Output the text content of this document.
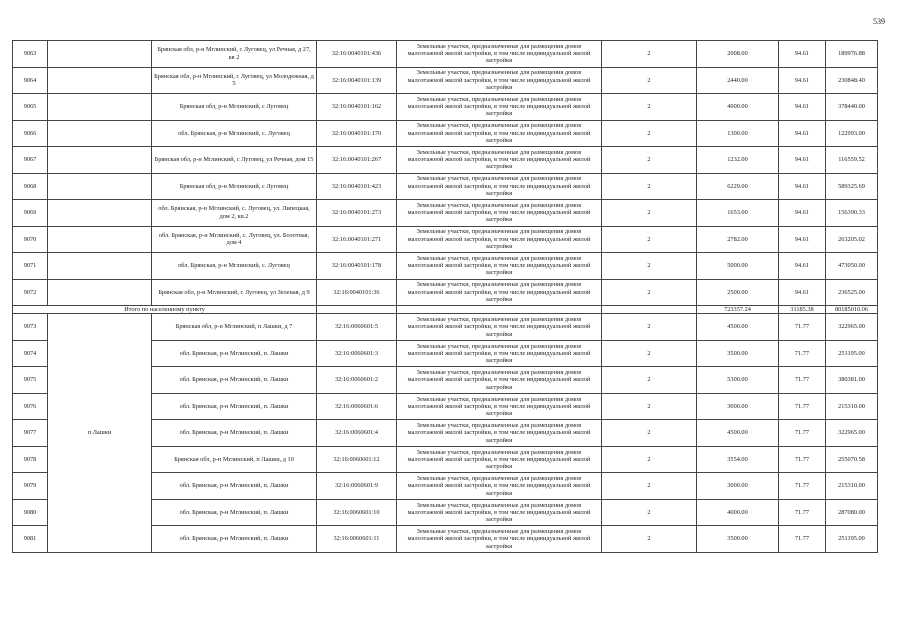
539
9063		Брянская обл, р-н Мглинский, с Луговец, ул Речная, д 27, кв 2	32:16:0040101:436	Земельные участки, предназначенные для размещения домов малоэтажной жилой застройки, в том числе индивидуальной жилой застройки	2	2008.00	94.61	189976.88
9064		Брянская обл, р-н Мглинский, с Луговец, ул Молодежная, д 5	32:16:0040101:139	Земельные участки, предназначенные для размещения домов малоэтажной жилой застройки, в том числе индивидуальной жилой застройки	2	2440.00	94.61	230848.40
9065		Брянская обл, р-н Мглинский, с Луговец	32:16:0040101:162	Земельные участки, предназначенные для размещения домов малоэтажной жилой застройки, в том числе индивидуальной жилой застройки	2	4000.00	94.61	378440.00
9066		обл. Брянская, р-н Мглинский, с. Луговец	32:16:0040101:170	Земельные участки, предназначенные для размещения домов малоэтажной жилой застройки, в том числе индивидуальной жилой застройки	2	1300.00	94.61	122993.00
9067		Брянская обл, р-н Мглинский, с Луговец, ул Речная, дом 15	32:16:0040101:267	Земельные участки, предназначенные для размещения домов малоэтажной жилой застройки, в том числе индивидуальной жилой застройки	2	1232.00	94.61	116559.52
9068		Брянская обл, р-н Мглинский, с Луговец	32:16:0040101:423	Земельные участки, предназначенные для размещения домов малоэтажной жилой застройки, в том числе индивидуальной жилой застройки	2	6229.00	94.61	589325.69
9069		обл. Брянская, р-н Мглинский, с. Луговец, ул. Липецкая, дом 2, кв.2	32:16:0040101:273	Земельные участки, предназначенные для размещения домов малоэтажной жилой застройки, в том числе индивидуальной жилой застройки	2	1653.00	94.61	156390.33
9070		обл. Брянская, р-н Мглинский, с. Луговец, ул. Болотная, дом 4	32:16:0040101:271	Земельные участки, предназначенные для размещения домов малоэтажной жилой застройки, в том числе индивидуальной жилой застройки	2	2782.00	94.61	263205.02
9071		обл. Брянская, р-н Мглинский, с. Луговец	32:16:0040101:178	Земельные участки, предназначенные для размещения домов малоэтажной жилой застройки, в том числе индивидуальной жилой застройки	2	5000.00	94.61	473050.00
9072		Брянская обл, р-н Мглинский, с Луговец, ул Зеленая, д 9	32:16:0040101:36	Земельные участки, предназначенные для размещения домов малоэтажной жилой застройки, в том числе индивидуальной жилой застройки	2	2500.00	94.61	236525.00
Итого по населенному пункту						723357.24	31185.38	80185010.06
9073	п Лашки	Брянская обл, р-н Мглинский, п Лашки, д 7	32:16:0060601:5	Земельные участки, предназначенные для размещения домов малоэтажной жилой застройки, в том числе индивидуальной жилой застройки	2	4500.00	71.77	322965.00
9074		обл. Брянская, р-н Мглинский, п. Лашки	32:16:0060601:3	Земельные участки, предназначенные для размещения домов малоэтажной жилой застройки, в том числе индивидуальной жилой застройки	2	3500.00	71.77	251195.00
9075		обл. Брянская, р-н Мглинский, п. Лашки	32:16:0060601:2	Земельные участки, предназначенные для размещения домов малоэтажной жилой застройки, в том числе индивидуальной жилой застройки	2	5300.00	71.77	380381.00
9076		обл. Брянская, р-н Мглинский, п. Лашки	32:16:0060601:6	Земельные участки, предназначенные для размещения домов малоэтажной жилой застройки, в том числе индивидуальной жилой застройки	2	3000.00	71.77	215310.00
9077		обл. Брянская, р-н Мглинский, п. Лашки	32:16:0060601:4	Земельные участки, предназначенные для размещения домов малоэтажной жилой застройки, в том числе индивидуальной жилой застройки	2	4500.00	71.77	322965.00
9078		Брянская обл, р-н Мглинский, п Лашки, д 10	32:16:0060601:12	Земельные участки, предназначенные для размещения домов малоэтажной жилой застройки, в том числе индивидуальной жилой застройки	2	3554.00	71.77	255070.58
9079		обл. Брянская, р-н Мглинский, п. Лашки	32:16:0060601:9	Земельные участки, предназначенные для размещения домов малоэтажной жилой застройки, в том числе индивидуальной жилой застройки	2	3000.00	71.77	215310.00
9080		обл. Брянская, р-н Мглинский, п. Лашки	32:16:0060601:10	Земельные участки, предназначенные для размещения домов малоэтажной жилой застройки, в том числе индивидуальной жилой застройки	2	4000.00	71.77	287080.00
9081		обл. Брянская, р-н Мглинский, п. Лашки	32:16:0060601:11	Земельные участки, предназначенные для размещения домов малоэтажной жилой застройки, в том числе индивидуальной жилой застройки	2	3500.00	71.77	251195.00
